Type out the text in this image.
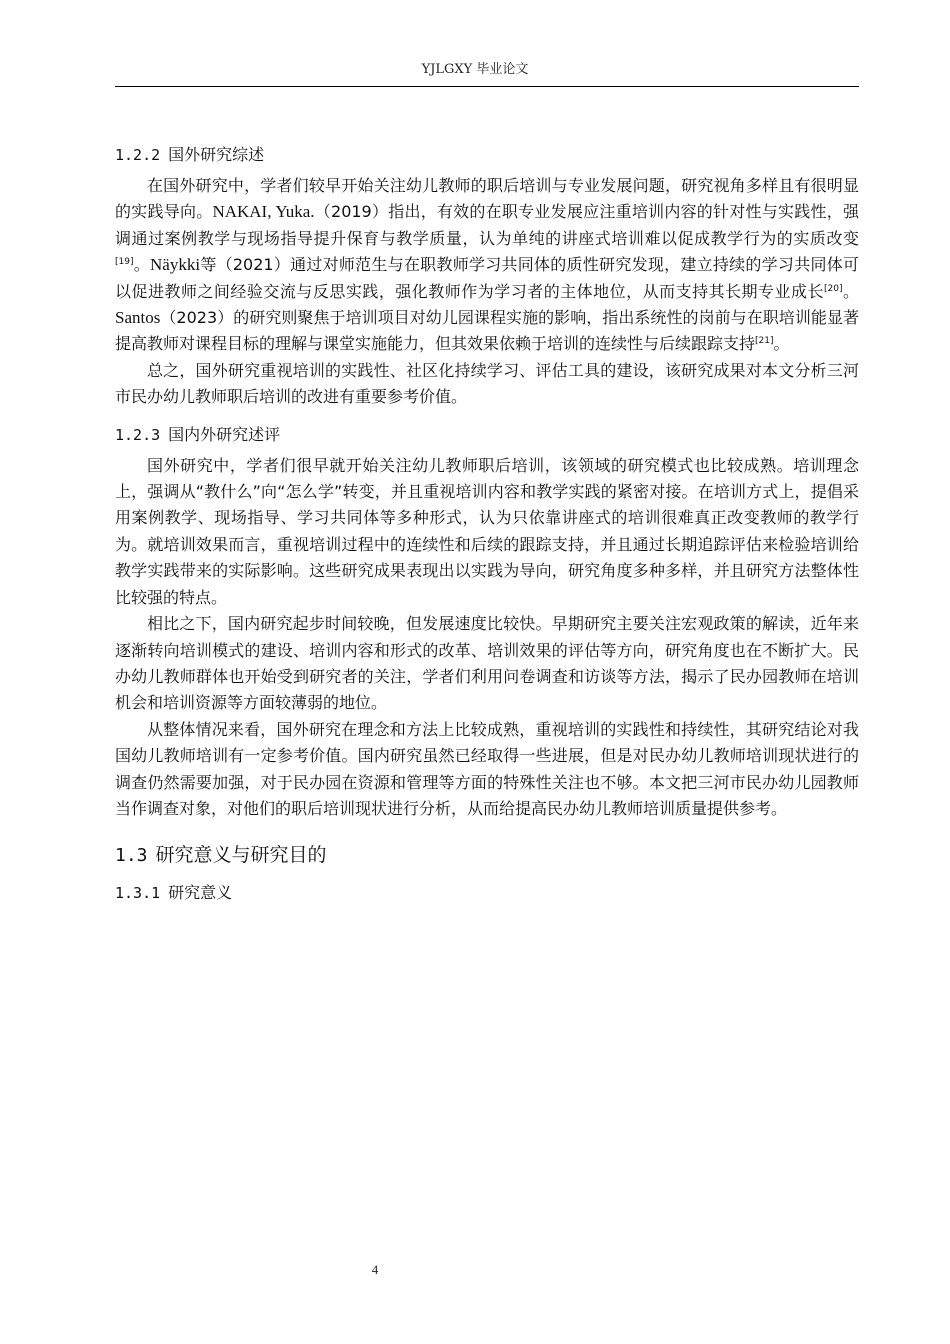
YJLGXY 毕业论文
1.2.2 国外研究综述

在国外研究中，学者们较早开始关注幼儿教师的职后培训与专业发展问题，研究视角多样且有很明显的实践导向。NAKAI, Yuka.（2019）指出，有效的在职专业发展应注重培训内容的针对性与实践性，强调通过案例教学与现场指导提升保育与教学质量，认为单纯的讲座式培训难以促成教学行为的实质改变[19]。Näykki等（2021）通过对师范生与在职教师学习共同体的质性研究发现，建立持续的学习共同体可以促进教师之间经验交流与反思实践，强化教师作为学习者的主体地位，从而支持其长期专业成长[20]。Santos（2023）的研究则聚焦于培训项目对幼儿园课程实施的影响，指出系统性的岗前与在职培训能显著提高教师对课程目标的理解与课堂实施能力，但其效果依赖于培训的连续性与后续跟踪支持[21]。

总之，国外研究重视培训的实践性、社区化持续学习、评估工具的建设，该研究成果对本文分析三河市民办幼儿教师职后培训的改进有重要参考价值。

1.2.3 国内外研究述评

国外研究中，学者们很早就开始关注幼儿教师职后培训，该领域的研究模式也比较成熟。培训理念上，强调从“教什么”向“怎么学”转变，并且重视培训内容和教学实践的紧密对接。在培训方式上，提倡采用案例教学、现场指导、学习共同体等多种形式，认为只依靠讲座式的培训很难真正改变教师的教学行为。就培训效果而言，重视培训过程中的连续性和后续的跟踪支持，并且通过长期追踪评估来检验培训给教学实践带来的实际影响。这些研究成果表现出以实践为导向，研究角度多种多样，并且研究方法整体性比较强的特点。

相比之下，国内研究起步时间较晚，但发展速度比较快。早期研究主要关注宏观政策的解读，近年来逐渐转向培训模式的建设、培训内容和形式的改革、培训效果的评估等方向，研究角度也在不断扩大。民办幼儿教师群体也开始受到研究者的关注，学者们利用问卷调查和访谈等方法，揭示了民办园教师在培训机会和培训资源等方面较薄弱的地位。

从整体情况来看，国外研究在理念和方法上比较成熟，重视培训的实践性和持续性，其研究结论对我国幼儿教师培训有一定参考价值。国内研究虽然已经取得一些进展，但是对民办幼儿教师培训现状进行的调查仍然需要加强，对于民办园在资源和管理等方面的特殊性关注也不够。本文把三河市民办幼儿园教师当作调查对象，对他们的职后培训现状进行分析，从而给提高民办幼儿教师培训质量提供参考。

1.3 研究意义与研究目的
1.3.1 研究意义
4
